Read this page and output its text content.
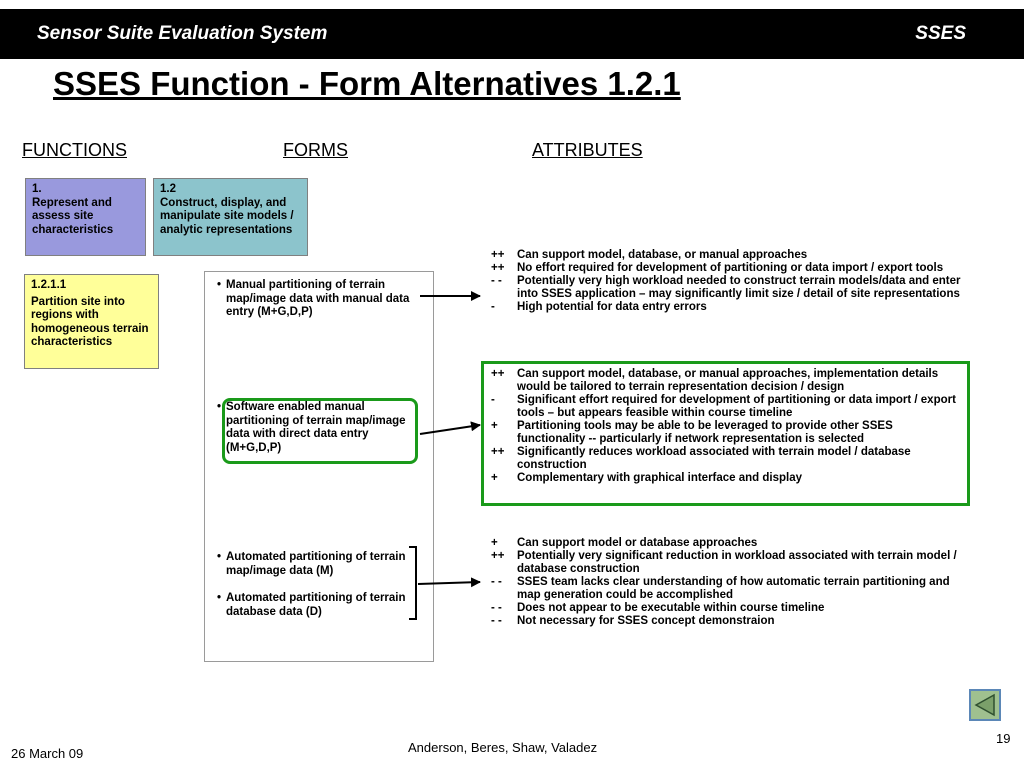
Sensor Suite Evaluation System	SSES
SSES Function - Form Alternatives 1.2.1
FUNCTIONS	FORMS	ATTRIBUTES
1.
Represent and assess site characteristics
1.2
Construct, display, and manipulate site models / analytic representations
1.2.1.1
Partition site into regions with homogeneous terrain characteristics
• Manual partitioning of terrain map/image data with manual data entry (M+G,D,P)
• Software enabled manual partitioning of terrain map/image data with direct data entry (M+G,D,P)
• Automated partitioning of terrain map/image data (M)
• Automated partitioning of terrain database data (D)
++	Can support model, database, or manual approaches
++	No effort required for development of partitioning or data import / export tools
- -	Potentially very high workload needed to construct terrain models/data and enter into SSES application – may significantly limit size / detail of site representations
-	High potential for data entry errors
++	Can support model, database, or manual approaches, implementation details would be tailored to terrain representation decision / design
-	Significant effort required for development of partitioning or data import / export tools – but appears feasible within course timeline
+	Partitioning tools may be able to be leveraged to provide other SSES functionality -- particularly if network representation is selected
++	Significantly reduces workload associated with terrain model / database construction
+	Complementary with graphical interface and display
+	Can support model or database approaches
++	Potentially very significant reduction in workload associated with terrain model / database construction
- -	SSES team lacks clear understanding of how automatic terrain partitioning and map generation could be accomplished
- -	Does not appear to be executable within course timeline
- -	Not necessary for SSES concept demonstraion
26 March 09	Anderson, Beres, Shaw, Valadez
19
